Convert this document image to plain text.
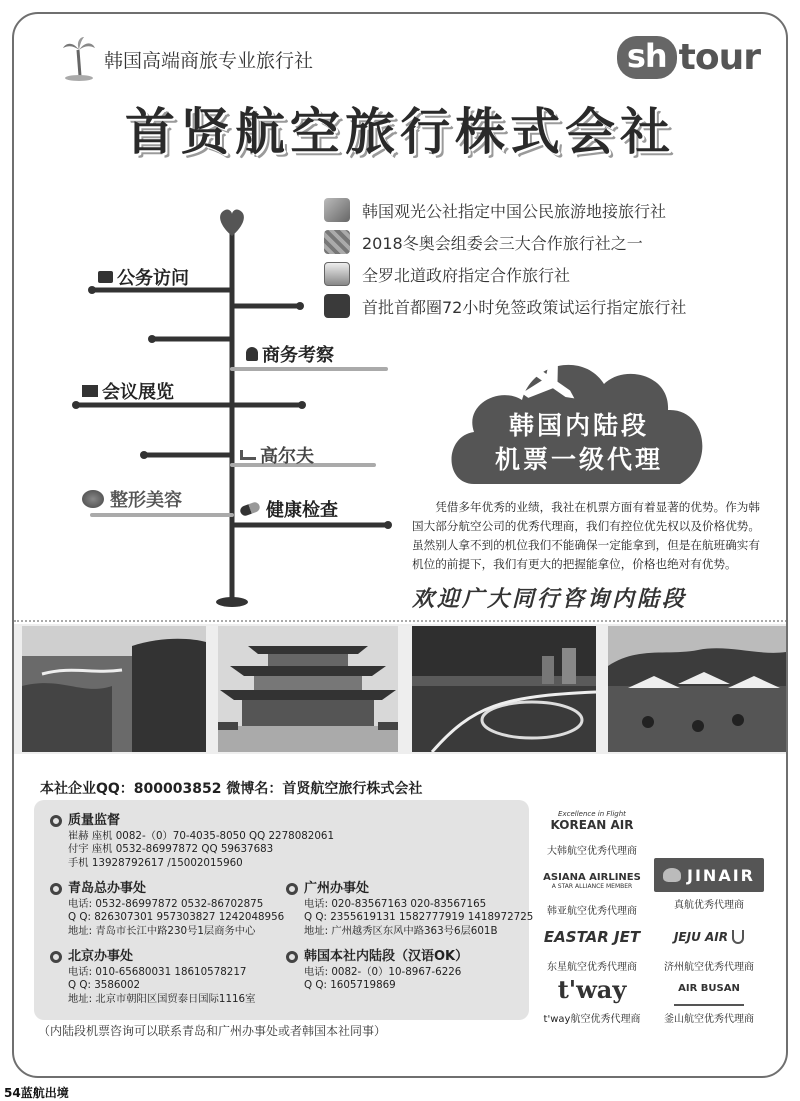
韩国高端商旅专业旅行社	sh tour
首贤航空旅行株式会社
公务访问
商务考察
会议展览
高尔夫
整形美容	健康检查
韩国观光公社指定中国公民旅游地接旅行社
2018冬奥会组委会三大合作旅行社之一
全罗北道政府指定合作旅行社
首批首都圈72小时免签政策试运行指定旅行社
韩国内陆段
机票一级代理
凭借多年优秀的业绩，我社在机票方面有着显著的优势。作为韩国大部分航空公司的优秀代理商，我们有控位优先权以及价格优势。虽然别人拿不到的机位我们不能确保一定能拿到，但是在航班确实有机位的前提下，我们有更大的把握能拿位，价格也绝对有优势。
欢迎广大同行咨询内陆段
本社企业QQ：800003852 微博名：首贤航空旅行株式会社
质量监督
崔赫 座机 0082-（0）70-4035-8050 QQ 2278082061
付宇 座机 0532-86997872 QQ 59637683
手机 13928792617 /15002015960
青岛总办事处
电话: 0532-86997872 0532-86702875
Q Q: 826307301 957303827 1242048956
地址: 青岛市长江中路230号1层商务中心
广州办事处
电话: 020-83567163 020-83567165
Q Q: 2355619131 1582777919 1418972725
地址: 广州越秀区东风中路363号6层601B
北京办事处
电话: 010-65680031 18610578217
Q Q: 3586002
地址: 北京市朝阳区国贸泰日国际1116室
韩国本社内陆段（汉语OK）
电话: 0082-（0）10-8967-6226
Q Q: 1605719869
（内陆段机票咨询可以联系青岛和广州办事处或者韩国本社同事）
Excellence in Flight
KOREAN AIR
大韩航空优秀代理商
ASIANA AIRLINES
A STAR ALLIANCE MEMBER
韩亚航空优秀代理商
JINAIR
真航优秀代理商
EASTAR JET
东星航空优秀代理商
JEJU AIR
济州航空优秀代理商
t'way
t'way航空优秀代理商
AIR BUSAN
釜山航空优秀代理商
54蓝航出境
